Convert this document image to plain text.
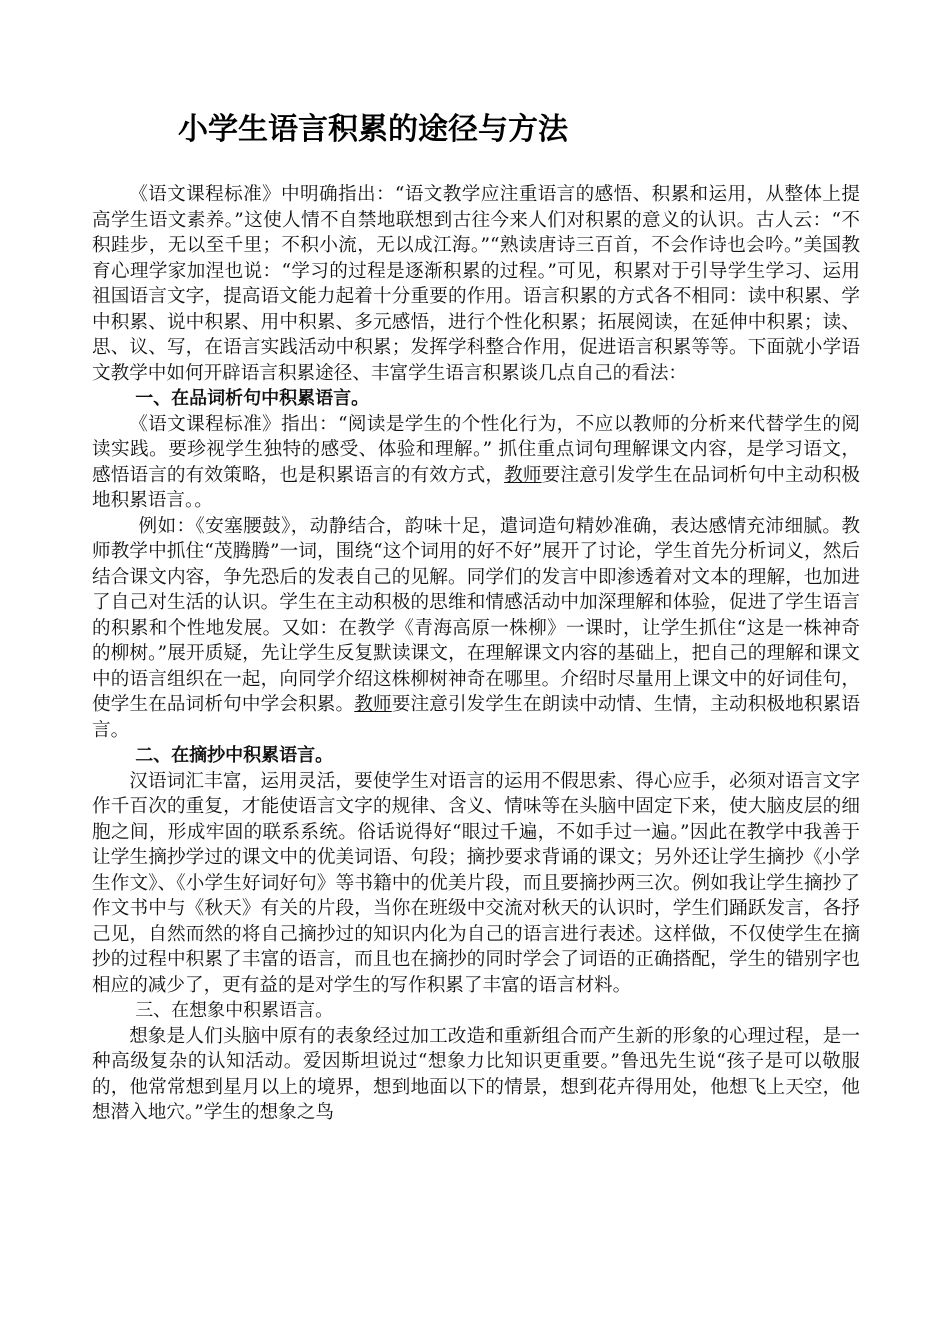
小学生语言积累的途径与方法

《语文课程标准》中明确指出：“语文教学应注重语言的感悟、积累和运用，从整体上提高学生语文素养。”这使人情不自禁地联想到古往今来人们对积累的意义的认识。古人云：“不积跬步，无以至千里；不积小流，无以成江海。”“熟读唐诗三百首，不会作诗也会吟。”美国教育心理学家加涅也说：“学习的过程是逐渐积累的过程。”可见，积累对于引导学生学习、运用祖国语言文字，提高语文能力起着十分重要的作用。语言积累的方式各不相同：读中积累、学中积累、说中积累、用中积累、多元感悟，进行个性化积累；拓展阅读，在延伸中积累；读、思、议、写，在语言实践活动中积累；发挥学科整合作用，促进语言积累等等。下面就小学语文教学中如何开辟语言积累途径、丰富学生语言积累谈几点自己的看法：

一、在品词析句中积累语言。

《语文课程标准》指出：“阅读是学生的个性化行为，不应以教师的分析来代替学生的阅读实践。要珍视学生独特的感受、体验和理解。” 抓住重点词句理解课文内容，是学习语文，感悟语言的有效策略，也是积累语言的有效方式，教师要注意引发学生在品词析句中主动积极地积累语言。。

例如：《安塞腰鼓》，动静结合，韵味十足，遣词造句精妙准确，表达感情充沛细腻。教师教学中抓住“茂腾腾”一词，围绕“这个词用的好不好”展开了讨论，学生首先分析词义，然后结合课文内容，争先恐后的发表自己的见解。同学们的发言中即渗透着对文本的理解，也加进了自己对生活的认识。学生在主动积极的思维和情感活动中加深理解和体验，促进了学生语言的积累和个性地发展。又如：在教学《青海高原一株柳》一课时，让学生抓住“这是一株神奇的柳树。”展开质疑，先让学生反复默读课文，在理解课文内容的基础上，把自己的理解和课文中的语言组织在一起，向同学介绍这株柳树神奇在哪里。介绍时尽量用上课文中的好词佳句，使学生在品词析句中学会积累。教师要注意引发学生在朗读中动情、生情，主动积极地积累语言。

二、在摘抄中积累语言。

汉语词汇丰富，运用灵活，要使学生对语言的运用不假思索、得心应手，必须对语言文字作千百次的重复，才能使语言文字的规律、含义、情味等在头脑中固定下来，使大脑皮层的细胞之间，形成牢固的联系系统。俗话说得好“眼过千遍，不如手过一遍。”因此在教学中我善于让学生摘抄学过的课文中的优美词语、句段；摘抄要求背诵的课文；另外还让学生摘抄《小学生作文》、《小学生好词好句》等书籍中的优美片段，而且要摘抄两三次。例如我让学生摘抄了作文书中与《秋天》有关的片段，当你在班级中交流对秋天的认识时，学生们踊跃发言，各抒己见，自然而然的将自己摘抄过的知识内化为自己的语言进行表述。这样做，不仅使学生在摘抄的过程中积累了丰富的语言，而且也在摘抄的同时学会了词语的正确搭配，学生的错别字也相应的减少了，更有益的是对学生的写作积累了丰富的语言材料。

三、在想象中积累语言。

想象是人们头脑中原有的表象经过加工改造和重新组合而产生新的形象的心理过程，是一种高级复杂的认知活动。爱因斯坦说过“想象力比知识更重要。”鲁迅先生说“孩子是可以敬服的，他常常想到星月以上的境界，想到地面以下的情景，想到花卉得用处，他想飞上天空，他想潜入地穴。”学生的想象之鸟
